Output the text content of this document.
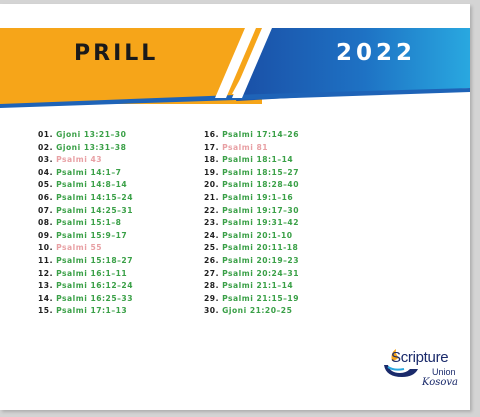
PRILL	2022
01. Gjoni 13:21–30
02. Gjoni 13:31–38
03. Psalmi 43
04. Psalmi 14:1–7
05. Psalmi 14:8–14
06. Psalmi 14:15–24
07. Psalmi 14:25–31
08. Psalmi 15:1–8
09. Psalmi 15:9–17
10. Psalmi 55
11. Psalmi 15:18–27
12. Psalmi 16:1–11
13. Psalmi 16:12–24
14. Psalmi 16:25–33
15. Psalmi 17:1–13
16. Psalmi 17:14–26
17. Psalmi 81
18. Psalmi 18:1–14
19. Psalmi 18:15–27
20. Psalmi 18:28–40
21. Psalmi 19:1–16
22. Psalmi 19:17–30
23. Psalmi 19:31–42
24. Psalmi 20:1-10
25. Psalmi 20:11-18
26. Psalmi 20:19–23
27. Psalmi 20:24–31
28. Psalmi 21:1–14
29. Psalmi 21:15–19
30. Gjoni 21:20–25
Scripture
Union
Kosova
